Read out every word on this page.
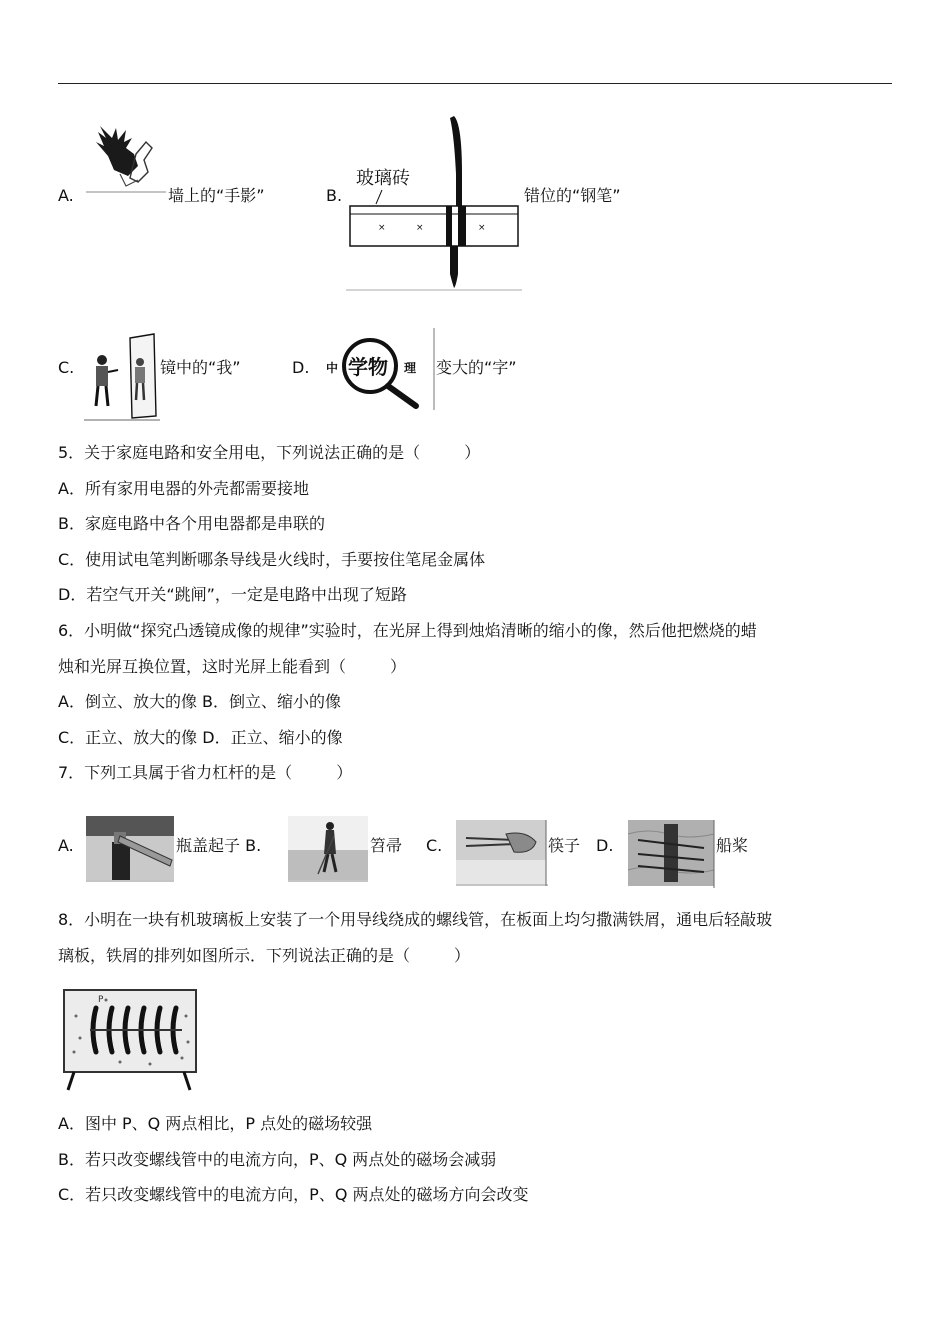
A.	墙上的“手影”	B.
玻璃砖
×	×	×
错位的“钢笔”
C.	镜中的“我”	D. 中 学物 理 变大的“字”
5．关于家庭电路和安全用电，下列说法正确的是（	）
A．所有家用电器的外壳都需要接地
B．家庭电路中各个用电器都是串联的
C．使用试电笔判断哪条导线是火线时，手要按住笔尾金属体
D．若空气开关“跳闸”，一定是电路中出现了短路
6．小明做“探究凸透镜成像的规律”实验时，在光屏上得到烛焰清晰的缩小的像，然后他把燃烧的蜡
烛和光屏互换位置，这时光屏上能看到（	）
A．倒立、放大的像 B．倒立、缩小的像
C．正立、放大的像 D．正立、缩小的像
7．下列工具属于省力杠杆的是（	）
A.	瓶盖起子 B.	笤帚 C.	筷子 D.	船桨
8．小明在一块有机玻璃板上安装了一个用导线绕成的螺线管，在板面上均匀撒满铁屑，通电后轻敲玻
璃板，铁屑的排列如图所示．下列说法正确的是（	）
P
A．图中 P、Q 两点相比，P 点处的磁场较强
B．若只改变螺线管中的电流方向，P、Q 两点处的磁场会减弱
C．若只改变螺线管中的电流方向，P、Q 两点处的磁场方向会改变
